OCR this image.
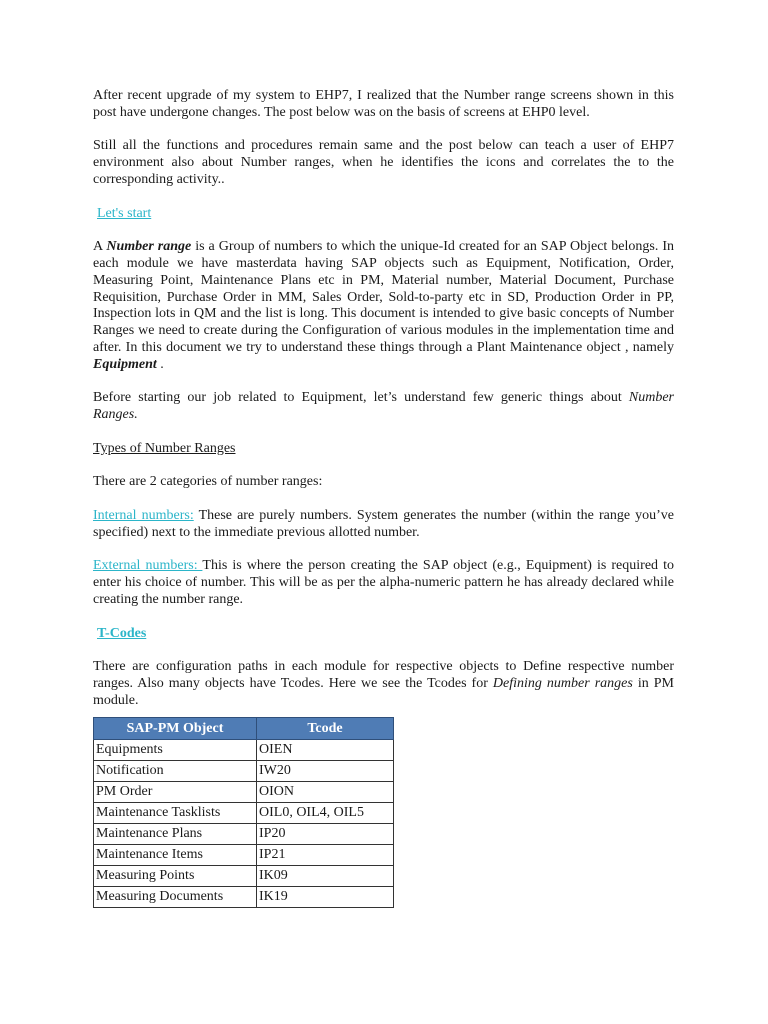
After recent upgrade of my system to EHP7, I realized that the Number range screens shown in this post have undergone changes. The post below was on the basis of screens at EHP0 level.

Still all the functions and procedures remain same and the post below can teach a user of EHP7 environment also about Number ranges, when he identifies the icons and correlates the to the corresponding activity..

Let's start

A Number range is a Group of numbers to which the unique-Id created for an SAP Object belongs. In each module we have masterdata having SAP objects such as Equipment, Notification, Order, Measuring Point, Maintenance Plans etc in PM, Material number, Material Document, Purchase Requisition, Purchase Order in MM, Sales Order, Sold-to-party etc in SD, Production Order in PP, Inspection lots in QM and the list is long. This document is intended to give basic concepts of Number Ranges we need to create during the Configuration of various modules in the implementation time and after. In this document we try to understand these things through a Plant Maintenance object , namely Equipment .

Before starting our job related to Equipment, let’s understand few generic things about Number Ranges.

Types of Number Ranges

There are 2 categories of number ranges:

Internal numbers: These are purely numbers. System generates the number (within the range you’ve specified) next to the immediate previous allotted number.

External numbers: This is where the person creating the SAP object (e.g., Equipment) is required to enter his choice of number. This will be as per the alpha-numeric pattern he has already declared while creating the number range.

T-Codes

There are configuration paths in each module for respective objects to Define respective number ranges. Also many objects have Tcodes. Here we see the Tcodes for Defining number ranges in PM module.

SAP-PM Object	Tcode
Equipments	OIEN
Notification	IW20
PM Order	OION
Maintenance Tasklists	OIL0, OIL4, OIL5
Maintenance Plans	IP20
Maintenance Items	IP21
Measuring Points	IK09
Measuring Documents	IK19
